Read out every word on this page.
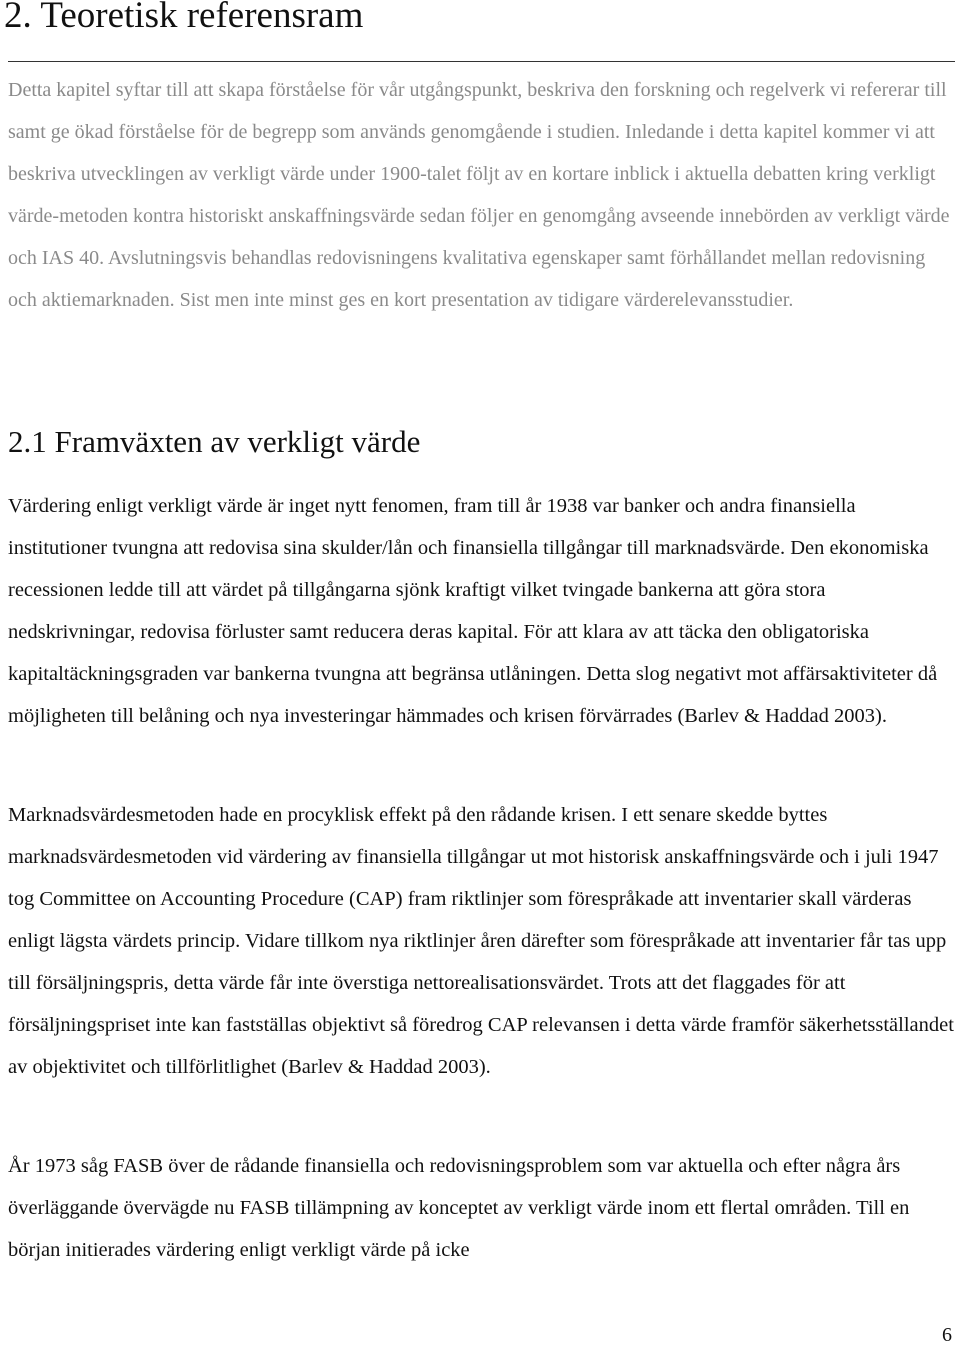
2. Teoretisk referensram

Detta kapitel syftar till att skapa förståelse för vår utgångspunkt, beskriva den forskning och regelverk vi refererar till samt ge ökad förståelse för de begrepp som används genomgående i studien. Inledande i detta kapitel kommer vi att beskriva utvecklingen av verkligt värde under 1900-talet följt av en kortare inblick i aktuella debatten kring verkligt värde-metoden kontra historiskt anskaffningsvärde sedan följer en genomgång avseende innebörden av verkligt värde och IAS 40. Avslutningsvis behandlas redovisningens kvalitativa egenskaper samt förhållandet mellan redovisning och aktiemarknaden. Sist men inte minst ges en kort presentation av tidigare värderelevansstudier.

2.1 Framväxten av verkligt värde

Värdering enligt verkligt värde är inget nytt fenomen, fram till år 1938 var banker och andra finansiella institutioner tvungna att redovisa sina skulder/lån och finansiella tillgångar till marknadsvärde. Den ekonomiska recessionen ledde till att värdet på tillgångarna sjönk kraftigt vilket tvingade bankerna att göra stora nedskrivningar, redovisa förluster samt reducera deras kapital. För att klara av att täcka den obligatoriska kapitaltäckningsgraden var bankerna tvungna att begränsa utlåningen. Detta slog negativt mot affärsaktiviteter då möjligheten till belåning och nya investeringar hämmades och krisen förvärrades (Barlev & Haddad 2003).

Marknadsvärdesmetoden hade en procyklisk effekt på den rådande krisen. I ett senare skedde byttes marknadsvärdesmetoden vid värdering av finansiella tillgångar ut mot historisk anskaffningsvärde och i juli 1947 tog Committee on Accounting Procedure (CAP) fram riktlinjer som förespråkade att inventarier skall värderas enligt lägsta värdets princip. Vidare tillkom nya riktlinjer åren därefter som förespråkade att inventarier får tas upp till försäljningspris, detta värde får inte överstiga nettorealisationsvärdet. Trots att det flaggades för att försäljningspriset inte kan fastställas objektivt så föredrog CAP relevansen i detta värde framför säkerhetsställandet av objektivitet och tillförlitlighet (Barlev & Haddad 2003).

År 1973 såg FASB över de rådande finansiella och redovisningsproblem som var aktuella och efter några års överläggande övervägde nu FASB tillämpning av konceptet av verkligt värde inom ett flertal områden. Till en början initierades värdering enligt verkligt värde på icke

6
